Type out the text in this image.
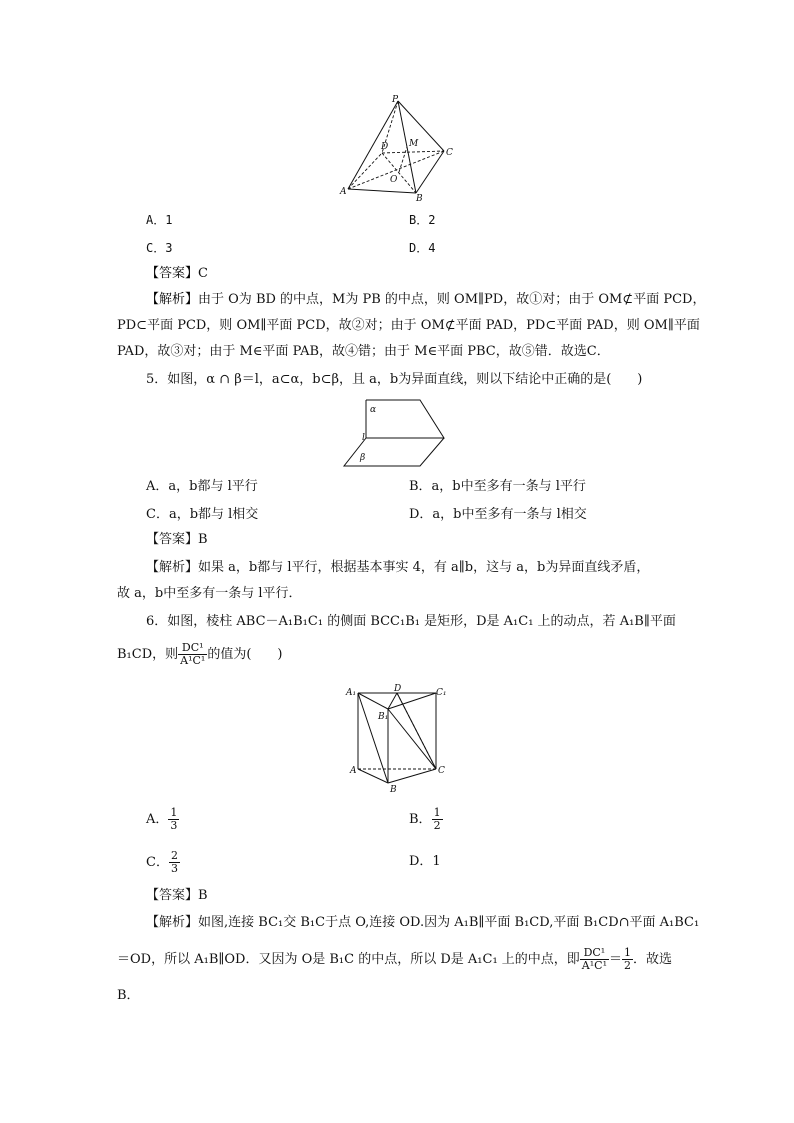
P
D M
C
O
A
B
A．1	B．2
C．3	D．4
【答案】C
【解析】由于 O为 BD 的中点，M为 PB 的中点，则 OM∥PD，故①对；由于 OM⊄平面 PCD，
PD⊂平面 PCD，则 OM∥平面 PCD，故②对；由于 OM⊄平面 PAD，PD⊂平面 PAD，则 OM∥平面
PAD，故③对；由于 M∈平面 PAB，故④错；由于 M∈平面 PBC，故⑤错．故选C．
5．如图，α ∩ β＝l，a⊂α，b⊂β，且 a，b为异面直线，则以下结论中正确的是(　　)
α
l
β
A．a，b都与 l平行	B．a，b中至多有一条与 l平行
C．a，b都与 l相交	D．a，b中至多有一条与 l相交
【答案】B
【解析】如果 a，b都与 l平行，根据基本事实 4，有 a∥b，这与 a，b为异面直线矛盾，
故 a，b中至多有一条与 l平行．
6．如图，棱柱 ABC－A₁B₁C₁ 的侧面 BCC₁B₁ 是矩形，D是 A₁C₁ 上的动点，若 A₁B∥平面
B₁CD，则 $\frac{\text{DC¹}}{\text{A¹C¹}}$ 的值为(　　)
A₁	D	C₁
B₁
A	C
B
A． $\frac{1}{3}$	B． $\frac{1}{2}$
C． $\frac{2}{3}$	D．1
【答案】B
【解析】如图,连接 BC₁交 B₁C于点 O,连接 OD.因为 A₁B∥平面 B₁CD,平面 B₁CD∩平面 A₁BC₁
＝OD，所以 A₁B∥OD．又因为 O是 B₁C 的中点，所以 D是 A₁C₁ 上的中点，即 $\frac{\text{DC¹}}{\text{A¹C¹}} = \frac{1}{2}$ ．故选
B．
